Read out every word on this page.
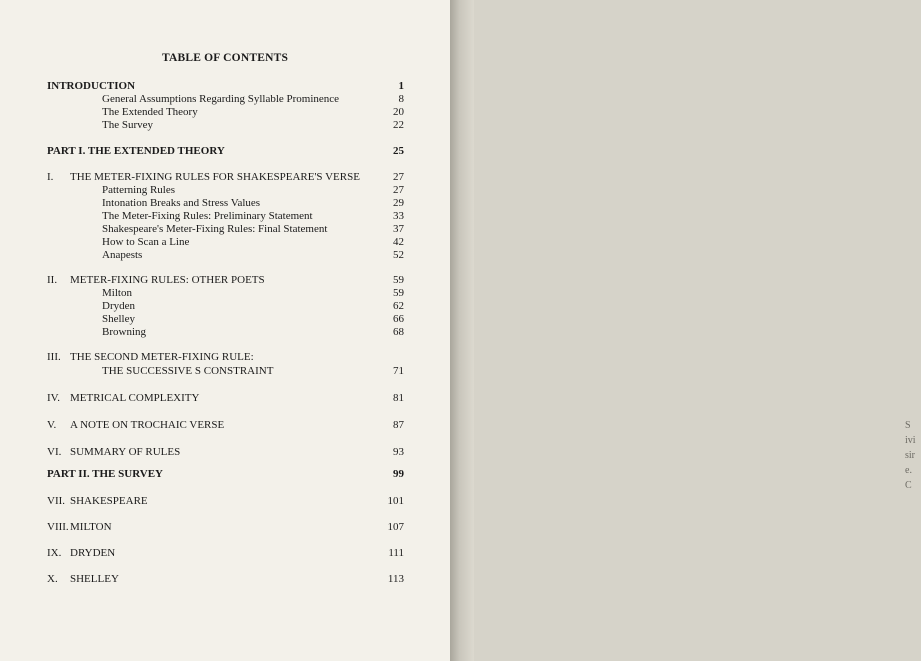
TABLE OF CONTENTS
INTRODUCTION	1
General Assumptions Regarding Syllable Prominence	8
The Extended Theory	20
The Survey	22
PART I. THE EXTENDED THEORY	25
I. THE METER-FIXING RULES FOR SHAKESPEARE'S VERSE	27
Patterning Rules	27
Intonation Breaks and Stress Values	29
The Meter-Fixing Rules: Preliminary Statement	33
Shakespeare's Meter-Fixing Rules: Final Statement	37
How to Scan a Line	42
Anapests	52
II. METER-FIXING RULES: OTHER POETS	59
Milton	59
Dryden	62
Shelley	66
Browning	68
III. THE SECOND METER-FIXING RULE:
THE SUCCESSIVE S CONSTRAINT	71
IV. METRICAL COMPLEXITY	81
V. A NOTE ON TROCHAIC VERSE	87
VI. SUMMARY OF RULES	93
PART II. THE SURVEY	99
VII. SHAKESPEARE	101
VIII. MILTON	107
IX. DRYDEN	111
X. SHELLEY	113
S
ivi
sir
e.
C
